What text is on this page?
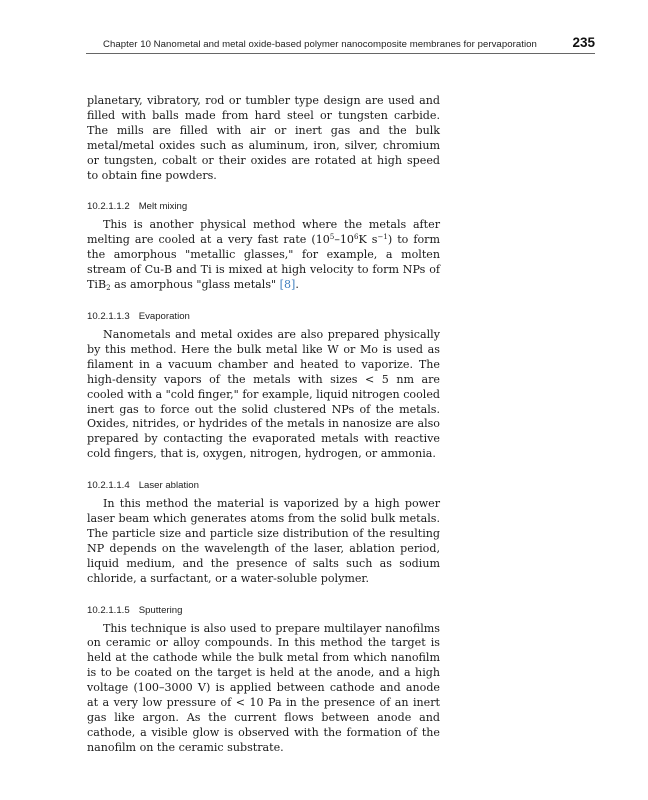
Chapter 10 Nanometal and metal oxide-based polymer nanocomposite membranes for pervaporation	235

planetary, vibratory, rod or tumbler type design are used and filled with balls made from hard steel or tungsten carbide. The mills are filled with air or inert gas and the bulk metal/metal oxides such as aluminum, iron, silver, chromium or tungsten, cobalt or their oxides are rotated at high speed to obtain fine powders.

10.2.1.1.2 Melt mixing

This is another physical method where the metals after melting are cooled at a very fast rate ($10^5-10^6K$ $s^{-1}$) to form the amorphous "metallic glasses," for example, a molten stream of Cu-B and Ti is mixed at high velocity to form NPs of TiB$_2$ as amorphous "glass metals" [8].

10.2.1.1.3 Evaporation

Nanometals and metal oxides are also prepared physically by this method. Here the bulk metal like W or Mo is used as filament in a vacuum chamber and heated to vaporize. The high-density vapors of the metals with sizes < 5 nm are cooled with a "cold finger," for example, liquid nitrogen cooled inert gas to force out the solid clustered NPs of the metals. Oxides, nitrides, or hydrides of the metals in nanosize are also prepared by contacting the evaporated metals with reactive cold fingers, that is, oxygen, nitrogen, hydrogen, or ammonia.

10.2.1.1.4 Laser ablation

In this method the material is vaporized by a high power laser beam which generates atoms from the solid bulk metals. The particle size and particle size distribution of the resulting NP depends on the wavelength of the laser, ablation period, liquid medium, and the presence of salts such as sodium chloride, a surfactant, or a water-soluble polymer.

10.2.1.1.5 Sputtering

This technique is also used to prepare multilayer nanofilms on ceramic or alloy compounds. In this method the target is held at the cathode while the bulk metal from which nanofilm is to be coated on the target is held at the anode, and a high voltage (100–3000 V) is applied between cathode and anode at a very low pressure of < 10 Pa in the presence of an inert gas like argon. As the current flows between anode and cathode, a visible glow is observed with the formation of the nanofilm on the ceramic substrate.
